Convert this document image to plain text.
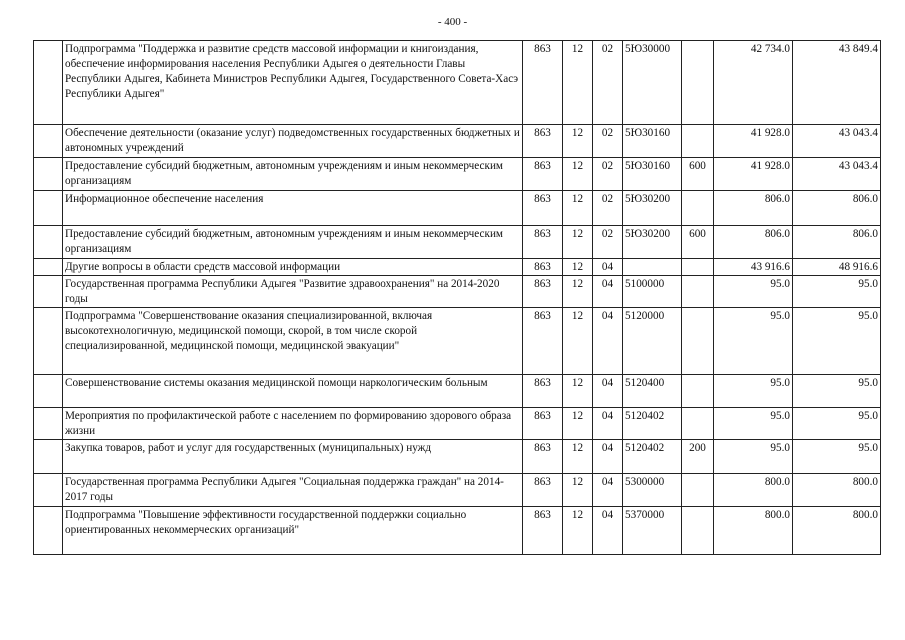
- 400 -
	Подпрограмма "Поддержка и развитие средств массовой информации и книгоиздания, обеспечение информирования населения Республики Адыгея о деятельности Главы Республики Адыгея, Кабинета Министров Республики Адыгея, Государственного Совета-Хасэ Республики Адыгея"	863	12	02	5Ю30000		42 734.0	43 849.4
	Обеспечение деятельности (оказание услуг) подведомственных государственных бюджетных и автономных учреждений	863	12	02	5Ю30160		41 928.0	43 043.4
	Предоставление субсидий бюджетным, автономным учреждениям и иным некоммерческим организациям	863	12	02	5Ю30160	600	41 928.0	43 043.4
	Информационное обеспечение населения	863	12	02	5Ю30200		806.0	806.0
	Предоставление субсидий бюджетным, автономным учреждениям и иным некоммерческим организациям	863	12	02	5Ю30200	600	806.0	806.0
	Другие вопросы в области средств массовой информации	863	12	04			43 916.6	48 916.6
	Государственная программа Республики Адыгея "Развитие здравоохранения" на 2014-2020 годы	863	12	04	5100000		95.0	95.0
	Подпрограмма "Совершенствование оказания специализированной, включая высокотехнологичную, медицинской помощи, скорой, в том числе скорой специализированной, медицинской помощи, медицинской эвакуации"	863	12	04	5120000		95.0	95.0
	Совершенствование системы оказания медицинской помощи наркологическим больным	863	12	04	5120400		95.0	95.0
	Мероприятия по профилактической работе с населением по формированию здорового образа жизни	863	12	04	5120402		95.0	95.0
	Закупка товаров, работ и услуг для государственных (муниципальных) нужд	863	12	04	5120402	200	95.0	95.0
	Государственная программа Республики Адыгея "Социальная поддержка граждан" на 2014-2017 годы	863	12	04	5300000		800.0	800.0
	Подпрограмма "Повышение эффективности государственной поддержки социально ориентированных некоммерческих организаций"	863	12	04	5370000		800.0	800.0
